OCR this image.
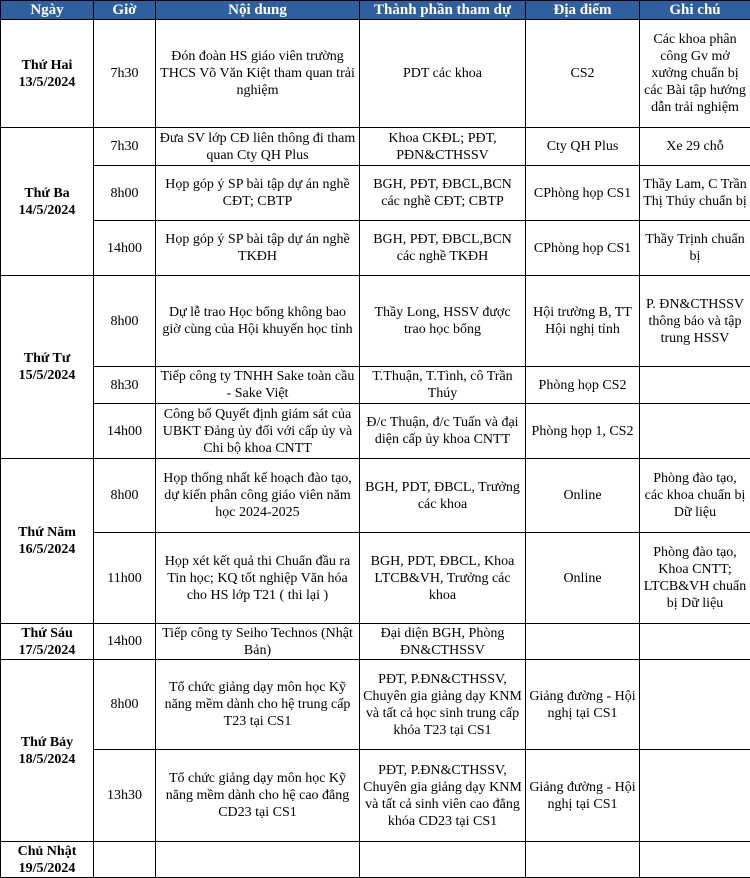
Ngày	Giờ	Nội dung	Thành phần tham dự	Địa điểm	Ghi chú
Thứ Hai
13/5/2024	7h30	Đón đoàn HS giáo viên trường THCS Võ Văn Kiệt tham quan trải nghiệm	PDT các khoa	CS2	Các khoa phân công Gv mở xưởng chuẩn bị các Bài tập hướng dẫn trải nghiệm
Thứ Ba
14/5/2024	7h30	Đưa SV lớp CĐ liên thông đi tham quan Cty QH Plus	Khoa CKĐL; PĐT, PĐN&CTHSSV	Cty QH Plus	Xe 29 chỗ
	8h00	Họp góp ý SP bài tập dự án nghề CĐT; CBTP	BGH, PĐT, ĐBCL,BCN các nghề CĐT; CBTP	CPhòng họp CS1	Thầy Lam, C Trần Thị Thúy chuẩn bị
	14h00	Họp góp ý SP bài tập dự án nghề TKĐH	BGH, PĐT, ĐBCL,BCN các nghề TKĐH	CPhòng họp CS1	Thầy Trịnh chuẩn bị
Thứ Tư
15/5/2024	8h00	Dự lễ trao Học bổng không bao giờ cùng của Hội khuyến học tỉnh	Thầy Long, HSSV được trao học bổng	Hội trường B, TT Hội nghị tỉnh	P. ĐN&CTHSSV thông báo và tập trung HSSV
	8h30	Tiếp công ty TNHH Sake toàn cầu - Sake Việt	T.Thuận, T.Tình, cô Trần Thúy	Phòng họp CS2	
	14h00	Công bố Quyết định giám sát của UBKT Đảng ủy đối với cấp ủy và Chi bộ khoa CNTT	Đ/c Thuận, đ/c Tuấn và đại diện cấp ủy khoa CNTT	Phòng họp 1, CS2	
Thứ Năm
16/5/2024	8h00	Họp thống nhất kế hoạch đào tạo, dự kiến phân công giáo viên năm học 2024-2025	BGH, PDT, ĐBCL, Trưởng các khoa	Online	Phòng đào tạo, các khoa chuẩn bị Dữ liệu
	11h00	Họp xét kết quả thi Chuẩn đầu ra Tin học; KQ tốt nghiệp Văn hóa cho HS lớp T21 ( thi lại )	BGH, PDT, ĐBCL, Khoa LTCB&VH, Trưởng các khoa	Online	Phòng đào tạo, Khoa CNTT; LTCB&VH chuẩn bị Dữ liệu
Thứ Sáu
17/5/2024	14h00	Tiếp công ty Seiho Technos (Nhật Bản)	Đại diện BGH, Phòng ĐN&CTHSSV		
Thứ Bảy
18/5/2024	8h00	Tổ chức giảng dạy môn học Kỹ năng mềm dành cho hệ trung cấp T23 tại CS1	PĐT, P.ĐN&CTHSSV, Chuyên gia giảng dạy KNM và tất cả học sinh trung cấp khóa T23 tại CS1	Giảng đường - Hội nghị tại CS1	
	13h30	Tổ chức giảng dạy môn học Kỹ năng mềm dành cho hệ cao đẳng CD23 tại CS1	PĐT, P.ĐN&CTHSSV, Chuyên gia giảng dạy KNM và tất cả sinh viên cao đẳng khóa CD23 tại CS1	Giảng đường - Hội nghị tại CS1	
Chủ Nhật
19/5/2024					
